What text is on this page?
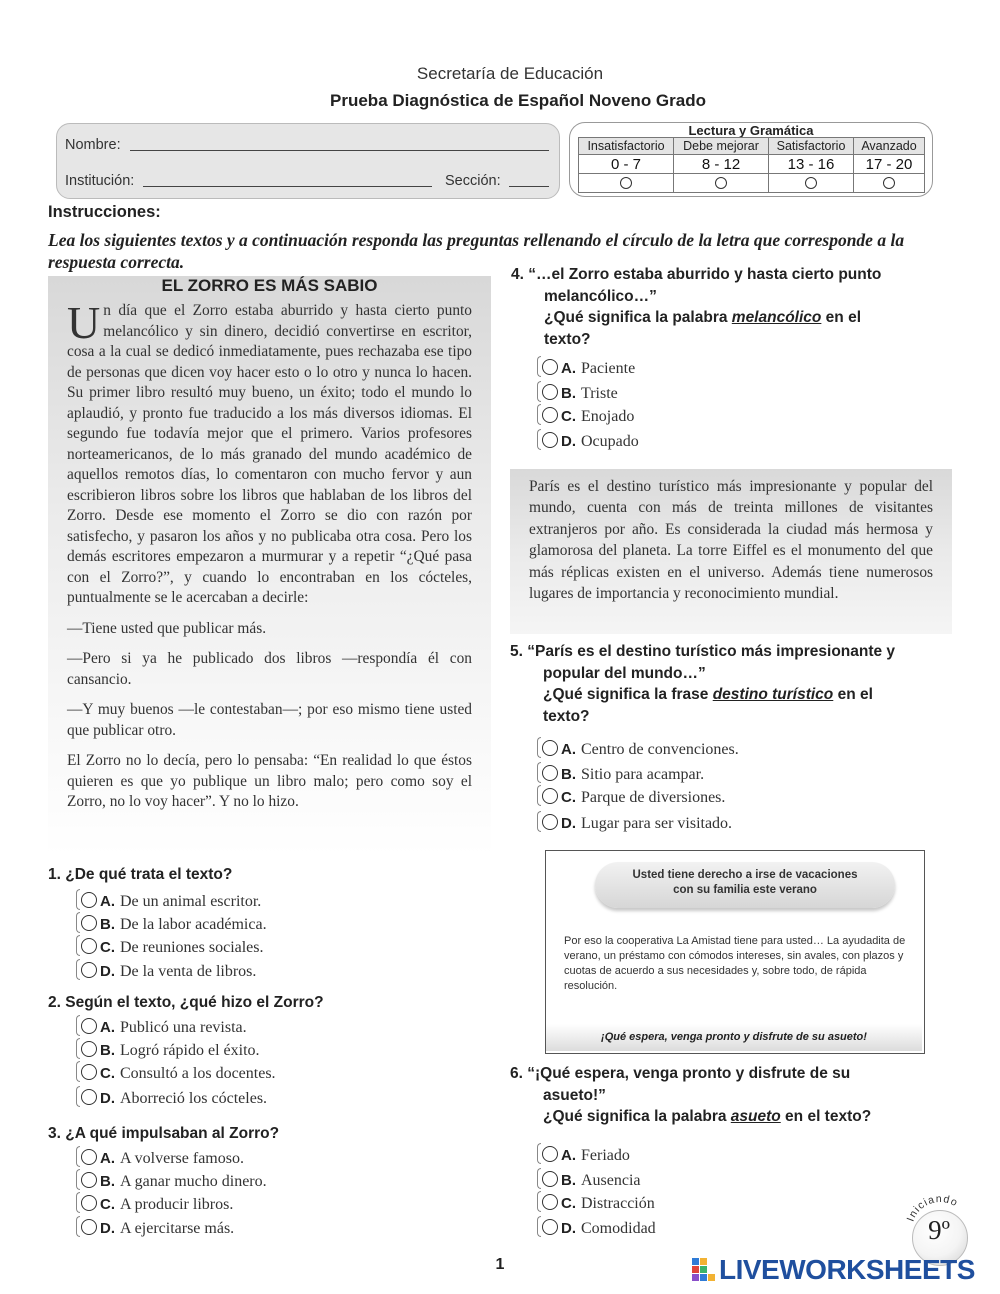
Secretaría de Educación
Prueba Diagnóstica de Español Noveno Grado
Nombre:
Institución:	Sección:
Lectura y Gramática
Insatisfactorio	Debe mejorar	Satisfactorio	Avanzado
0 - 7	8 - 12	13 - 16	17 - 20

Instrucciones:
Lea los siguientes textos y a continuación responda las preguntas rellenando el círculo de la letra que corresponde a la respuesta correcta.
EL ZORRO ES MÁS SABIO

Un día que el Zorro estaba aburrido y hasta cierto punto melancólico y sin dinero, decidió convertirse en escritor, cosa a la cual se dedicó inmediatamente, pues rechazaba ese tipo de personas que dicen voy hacer esto o lo otro y nunca lo hacen. Su primer libro resultó muy bueno, un éxito; todo el mundo lo aplaudió, y pronto fue traducido a los más diversos idiomas. El segundo fue todavía mejor que el primero. Varios profesores norteamericanos, de lo más granado del mundo académico de aquellos remotos días, lo comentaron con mucho fervor y aun escribieron libros sobre los libros que hablaban de los libros del Zorro. Desde ese momento el Zorro se dio con razón por satisfecho, y pasaron los años y no publicaba otra cosa. Pero los demás escritores empezaron a murmurar y a repetir “¿Qué pasa con el Zorro?”, y cuando lo encontraban en los cócteles, puntualmente se le acercaban a decirle:

—Tiene usted que publicar más.

—Pero si ya he publicado dos libros —respondía él con cansancio.

—Y muy buenos —le contestaban—; por eso mismo tiene usted que publicar otro.

El Zorro no lo decía, pero lo pensaba: “En realidad lo que éstos quieren es que yo publique un libro malo; pero como soy el Zorro, no lo voy hacer”. Y no lo hizo.

1. ¿De qué trata el texto?
A. De un animal escritor.
B. De la labor académica.
C. De reuniones sociales.
D. De la venta de libros.
2. Según el texto, ¿qué hizo el Zorro?
A. Publicó una revista.
B. Logró rápido el éxito.
C. Consultó a los docentes.
D. Aborreció los cócteles.
3. ¿A qué impulsaban al Zorro?
A. A volverse famoso.
B. A ganar mucho dinero.
C. A producir libros.
D. A ejercitarse más.
4. “…el Zorro estaba aburrido y hasta cierto punto
melancólico…”
¿Qué significa la palabra melancólico en el
texto?
A. Paciente
B. Triste
C. Enojado
D. Ocupado
París es el destino turístico más impresionante y popular del mundo, cuenta con más de treinta millones de visitantes extranjeros por año. Es considerada la ciudad más hermosa y glamorosa del planeta. La torre Eiffel es el monumento del que más réplicas existen en el universo. Además tiene numerosos lugares de importancia y reconocimiento mundial.
5. “París es el destino turístico más impresionante y
popular del mundo…”
¿Qué significa la frase destino turístico en el
texto?
A. Centro de convenciones.
B. Sitio para acampar.
C. Parque de diversiones.
D. Lugar para ser visitado.
Usted tiene derecho a irse de vacaciones
con su familia este verano
Por eso la cooperativa La Amistad tiene para usted… La ayudadita de verano, un préstamo con cómodos intereses, sin avales, con plazos y cuotas de acuerdo a sus necesidades y, sobre todo, de rápida resolución.
¡Qué espera, venga pronto y disfrute de su asueto!
6. “¡Qué espera, venga pronto y disfrute de su
asueto!”
¿Qué significa la palabra asueto en el texto?
A. Feriado
B. Ausencia
C. Distracción
D. Comodidad
1
Iniciando
9º
LIVEWORKSHEETS
